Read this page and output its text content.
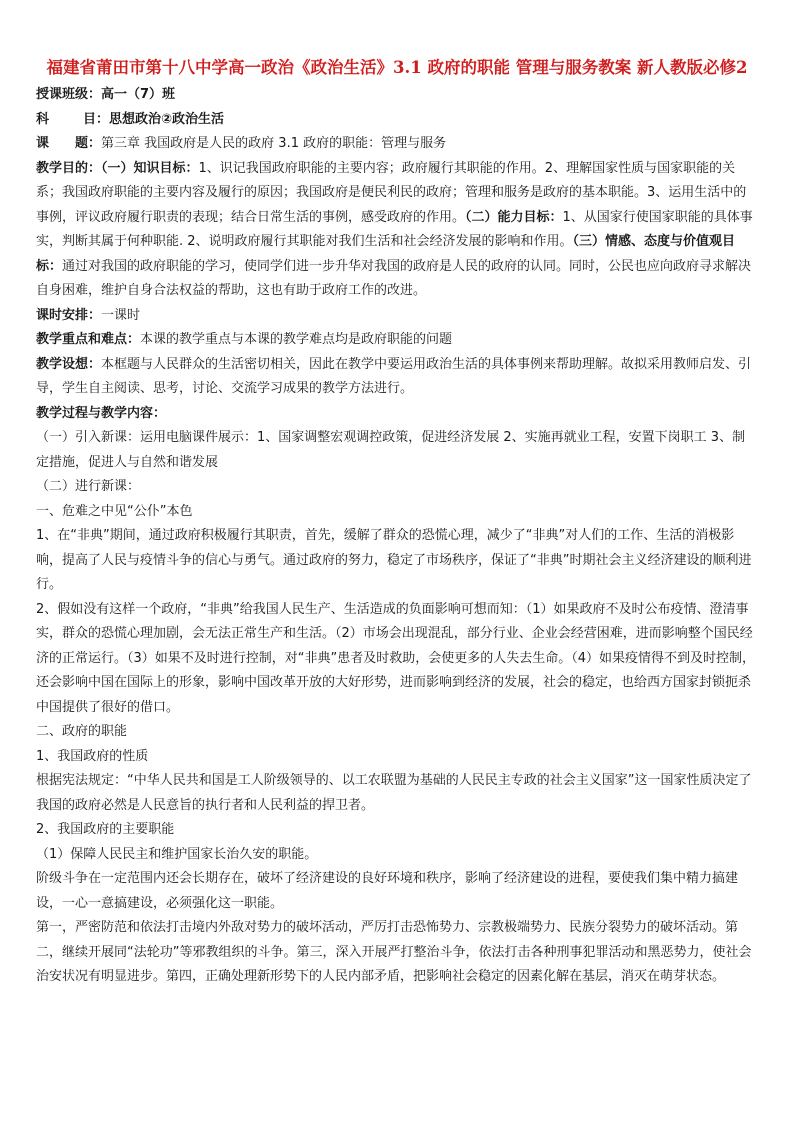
福建省莆田市第十八中学高一政治《政治生活》3.1 政府的职能 管理与服务教案 新人教版必修2

授课班级：高一（7）班

科	目：思想政治②政治生活

课 题：第三章 我国政府是人民的政府 3.1 政府的职能：管理与服务

教学目的：（一）知识目标：1、识记我国政府职能的主要内容；政府履行其职能的作用。2、理解国家性质与国家职能的关系；我国政府职能的主要内容及履行的原因；我国政府是便民利民的政府；管理和服务是政府的基本职能。3、运用生活中的事例，评议政府履行职责的表现；结合日常生活的事例，感受政府的作用。（二）能力目标：1、从国家行使国家职能的具体事实，判断其属于何种职能. 2、说明政府履行其职能对我们生活和社会经济发展的影响和作用。（三）情感、态度与价值观目标：通过对我国的政府职能的学习，使同学们进一步升华对我国的政府是人民的政府的认同。同时，公民也应向政府寻求解决自身困难，维护自身合法权益的帮助，这也有助于政府工作的改进。

课时安排：一课时

教学重点和难点：本课的教学重点与本课的教学难点均是政府职能的问题

教学设想：本框题与人民群众的生活密切相关，因此在教学中要运用政治生活的具体事例来帮助理解。故拟采用教师启发、引导，学生自主阅读、思考，讨论、交流学习成果的教学方法进行。

教学过程与教学内容：

（一）引入新课：运用电脑课件展示：1、国家调整宏观调控政策，促进经济发展 2、实施再就业工程，安置下岗职工 3、制定措施，促进人与自然和谐发展

（二）进行新课：

一、危难之中见“公仆”本色

1、在“非典”期间，通过政府积极履行其职责，首先，缓解了群众的恐慌心理，减少了“非典”对人们的工作、生活的消极影响，提高了人民与疫情斗争的信心与勇气。通过政府的努力，稳定了市场秩序，保证了“非典”时期社会主义经济建设的顺利进行。

2、假如没有这样一个政府，“非典”给我国人民生产、生活造成的负面影响可想而知：（1）如果政府不及时公布疫情、澄清事实，群众的恐慌心理加剧，会无法正常生产和生活。（2）市场会出现混乱，部分行业、企业会经营困难，进而影响整个国民经济的正常运行。（3）如果不及时进行控制，对“非典”患者及时救助，会使更多的人失去生命。（4）如果疫情得不到及时控制，还会影响中国在国际上的形象，影响中国改革开放的大好形势，进而影响到经济的发展，社会的稳定，也给西方国家封锁扼杀中国提供了很好的借口。

二、政府的职能

1、我国政府的性质

根据宪法规定：“中华人民共和国是工人阶级领导的、以工农联盟为基础的人民民主专政的社会主义国家”这一国家性质决定了我国的政府必然是人民意旨的执行者和人民利益的捍卫者。

2、我国政府的主要职能

（1）保障人民民主和维护国家长治久安的职能。

阶级斗争在一定范围内还会长期存在，破坏了经济建设的良好环境和秩序，影响了经济建设的进程，要使我们集中精力搞建设，一心一意搞建设，必须强化这一职能。

第一，严密防范和依法打击境内外敌对势力的破坏活动，严厉打击恐怖势力、宗教极端势力、民族分裂势力的破坏活动。第二，继续开展同“法轮功”等邪教组织的斗争。第三，深入开展严打整治斗争，依法打击各种刑事犯罪活动和黑恶势力，使社会治安状况有明显进步。第四，正确处理新形势下的人民内部矛盾，把影响社会稳定的因素化解在基层，消灭在萌芽状态。
